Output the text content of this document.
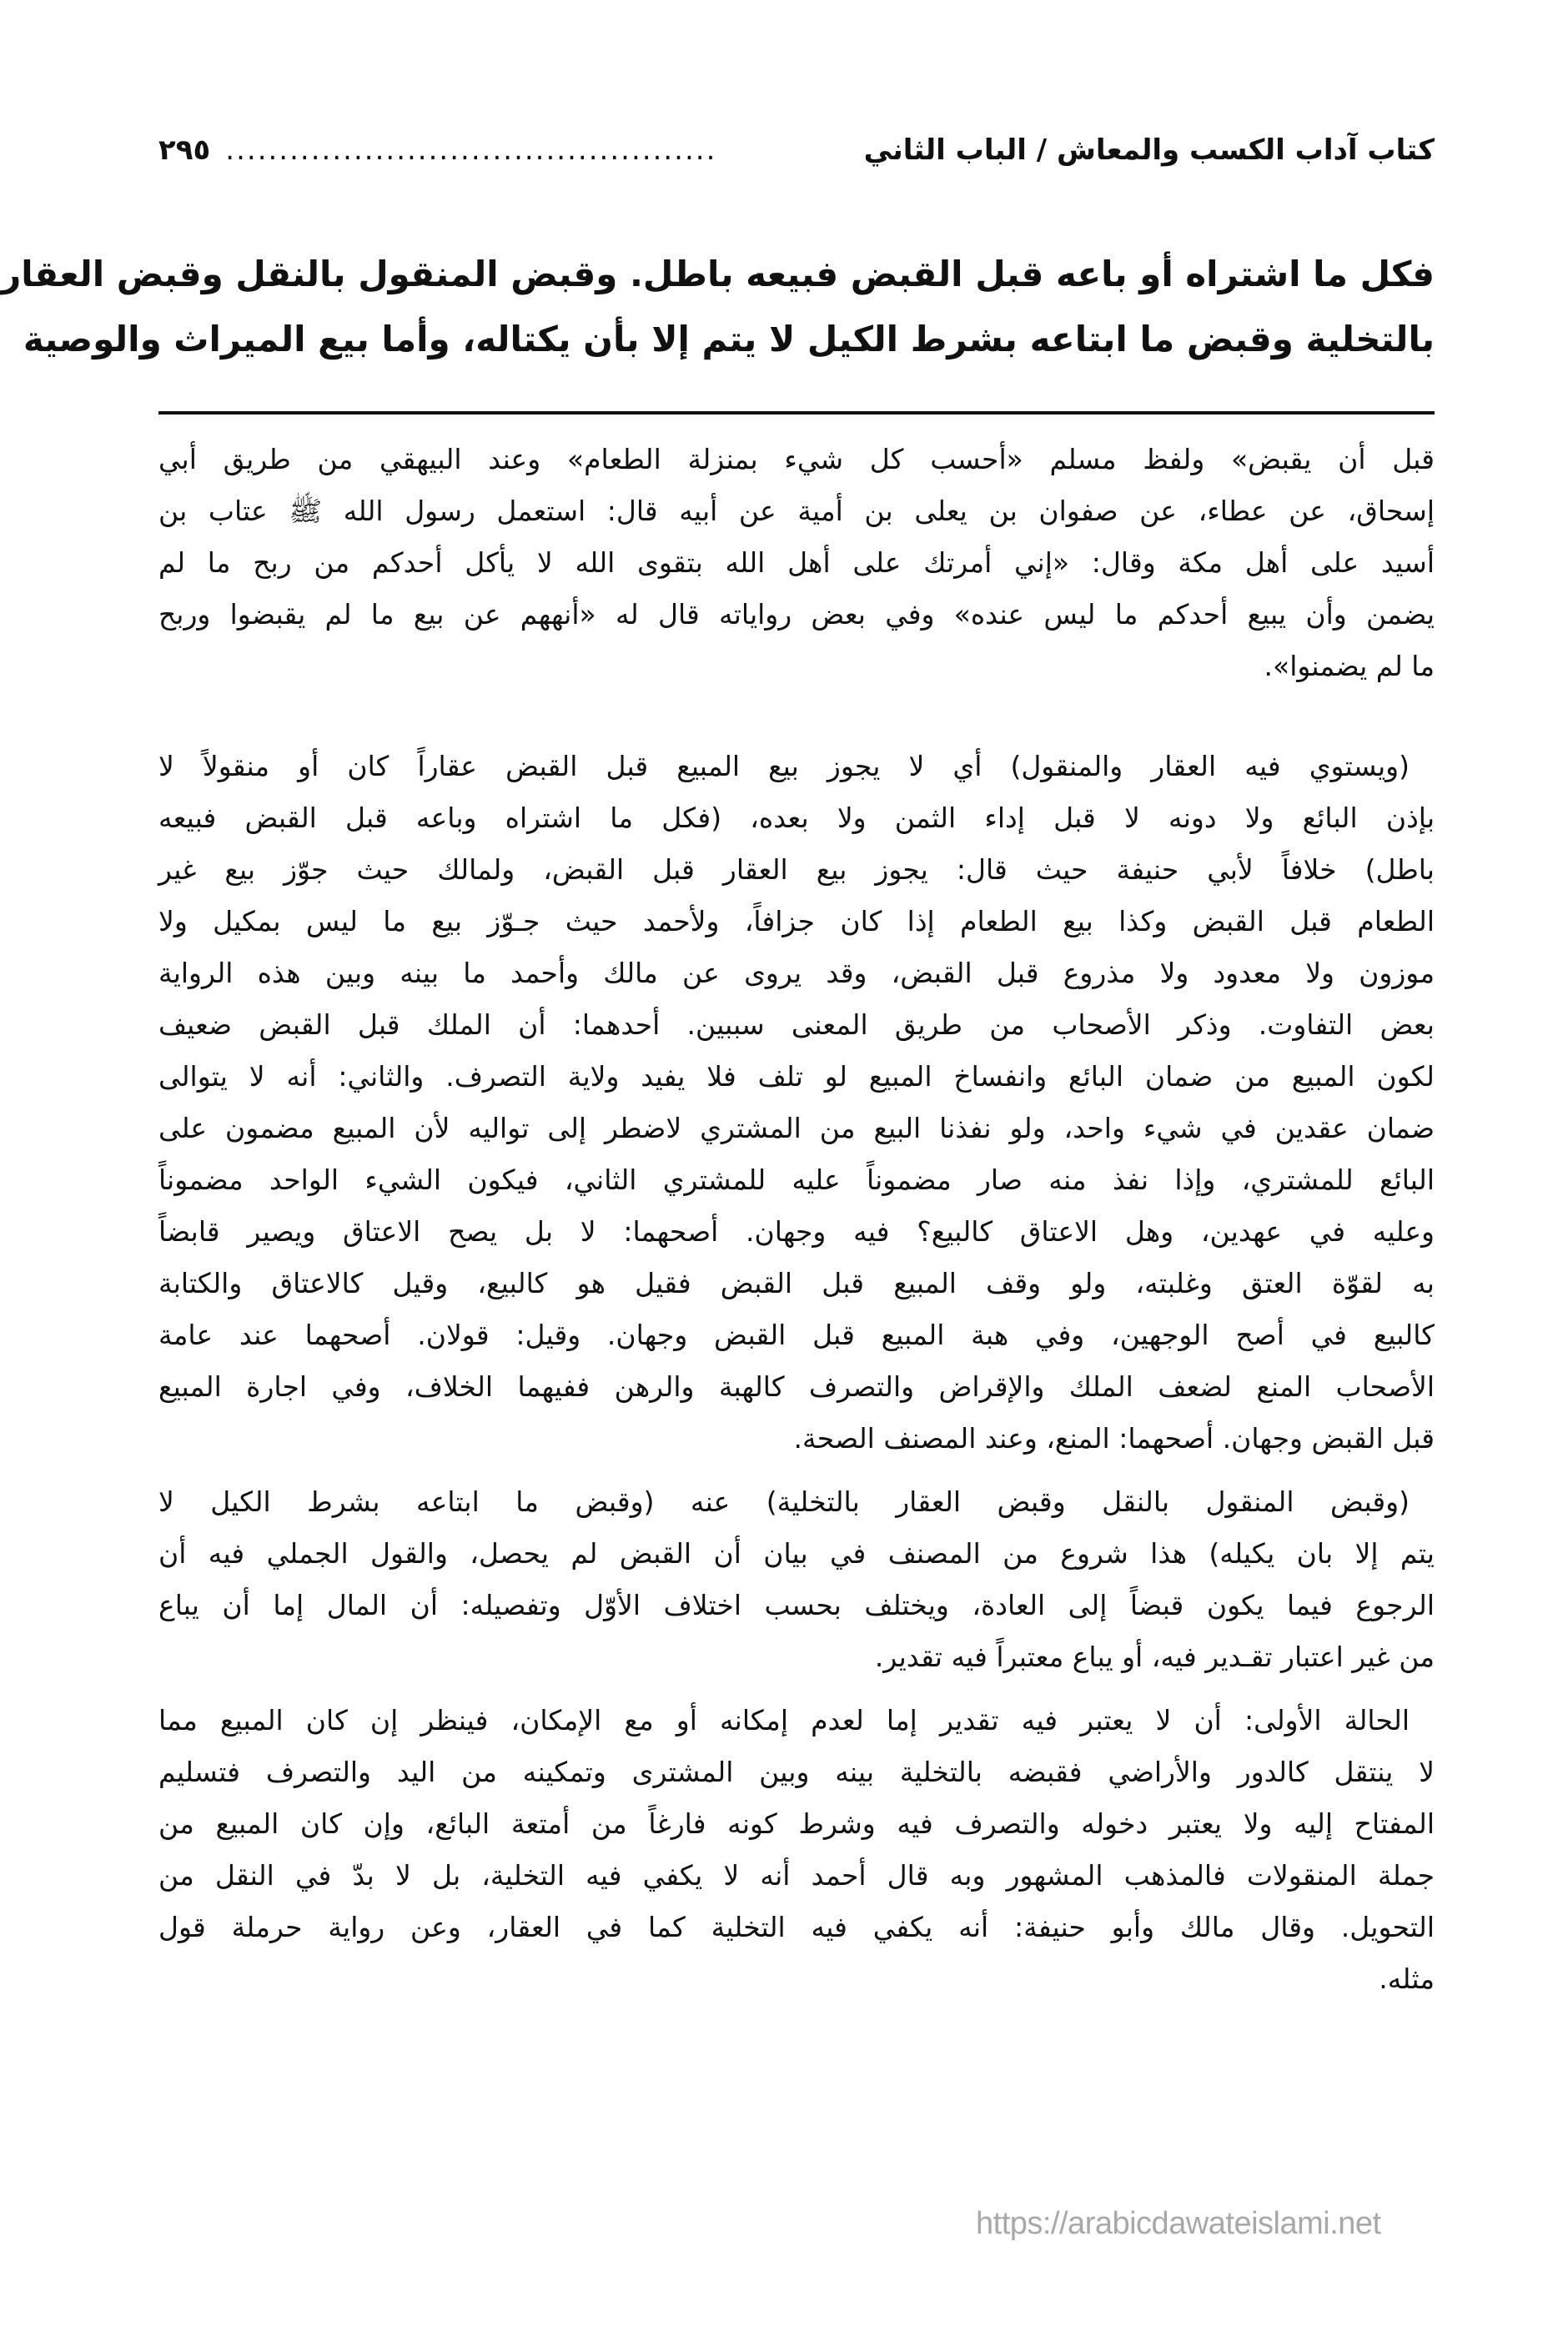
كتاب آداب الكسب والمعاش / الباب الثاني
..............................................
٢٩٥
فكل ما اشتراه أو باعه قبل القبض فبيعه باطل. وقبض المنقول بالنقل وقبض العقار
بالتخلية وقبض ما ابتاعه بشرط الكيل لا يتم إلا بأن يكتاله، وأما بيع الميراث والوصية
قبل أن يقبض» ولفظ مسلم «أحسب كل شيء بمنزلة الطعام» وعند البيهقي من طريق أبي
إسحاق، عن عطاء، عن صفوان بن يعلى بن أمية عن أبيه قال: استعمل رسول الله ﷺ عتاب بن
أسيد على أهل مكة وقال: «إني أمرتك على أهل الله بتقوى الله لا يأكل أحدكم من ربح ما لم
يضمن وأن يبيع أحدكم ما ليس عنده» وفي بعض رواياته قال له «أنههم عن بيع ما لم يقبضوا وربح
ما لم يضمنوا».
(ويستوي فيه العقار والمنقول) أي لا يجوز بيع المبيع قبل القبض عقاراً كان أو منقولاً لا
بإذن البائع ولا دونه لا قبل إداء الثمن ولا بعده، (فكل ما اشتراه وباعه قبل القبض فبيعه
باطل) خلافاً لأبي حنيفة حيث قال: يجوز بيع العقار قبل القبض، ولمالك حيث جوّز بيع غير
الطعام قبل القبض وكذا بيع الطعام إذا كان جزافاً، ولأحمد حيث جـوّز بيع ما ليس بمكيل ولا
موزون ولا معدود ولا مذروع قبل القبض، وقد يروى عن مالك وأحمد ما بينه وبين هذه الرواية
بعض التفاوت. وذكر الأصحاب من طريق المعنى سببين. أحدهما: أن الملك قبل القبض ضعيف
لكون المبيع من ضمان البائع وانفساخ المبيع لو تلف فلا يفيد ولاية التصرف. والثاني: أنه لا يتوالى
ضمان عقدين في شيء واحد، ولو نفذنا البيع من المشتري لاضطر إلى تواليه لأن المبيع مضمون على
البائع للمشتري، وإذا نفذ منه صار مضموناً عليه للمشتري الثاني، فيكون الشيء الواحد مضموناً
وعليه في عهدين، وهل الاعتاق كالبيع؟ فيه وجهان. أصحهما: لا بل يصح الاعتاق ويصير قابضاً
به لقوّة العتق وغلبته، ولو وقف المبيع قبل القبض فقيل هو كالبيع، وقيل كالاعتاق والكتابة
كالبيع في أصح الوجهين، وفي هبة المبيع قبل القبض وجهان. وقيل: قولان. أصحهما عند عامة
الأصحاب المنع لضعف الملك والإقراض والتصرف كالهبة والرهن ففيهما الخلاف، وفي اجارة المبيع
قبل القبض وجهان. أصحهما: المنع، وعند المصنف الصحة.
(وقبض المنقول بالنقل وقبض العقار بالتخلية) عنه (وقبض ما ابتاعه بشرط الكيل لا
يتم إلا بان يكيله) هذا شروع من المصنف في بيان أن القبض لم يحصل، والقول الجملي فيه أن
الرجوع فيما يكون قبضاً إلى العادة، ويختلف بحسب اختلاف الأوّل وتفصيله: أن المال إما أن يباع
من غير اعتبار تقـدير فيه، أو يباع معتبراً فيه تقدير.
الحالة الأولى: أن لا يعتبر فيه تقدير إما لعدم إمكانه أو مع الإمكان، فينظر إن كان المبيع مما
لا ينتقل كالدور والأراضي فقبضه بالتخلية بينه وبين المشترى وتمكينه من اليد والتصرف فتسليم
المفتاح إليه ولا يعتبر دخوله والتصرف فيه وشرط كونه فارغاً من أمتعة البائع، وإن كان المبيع من
جملة المنقولات فالمذهب المشهور وبه قال أحمد أنه لا يكفي فيه التخلية، بل لا بدّ في النقل من
التحويل. وقال مالك وأبو حنيفة: أنه يكفي فيه التخلية كما في العقار، وعن رواية حرملة قول
مثله.
https://arabicdawateislami.net
